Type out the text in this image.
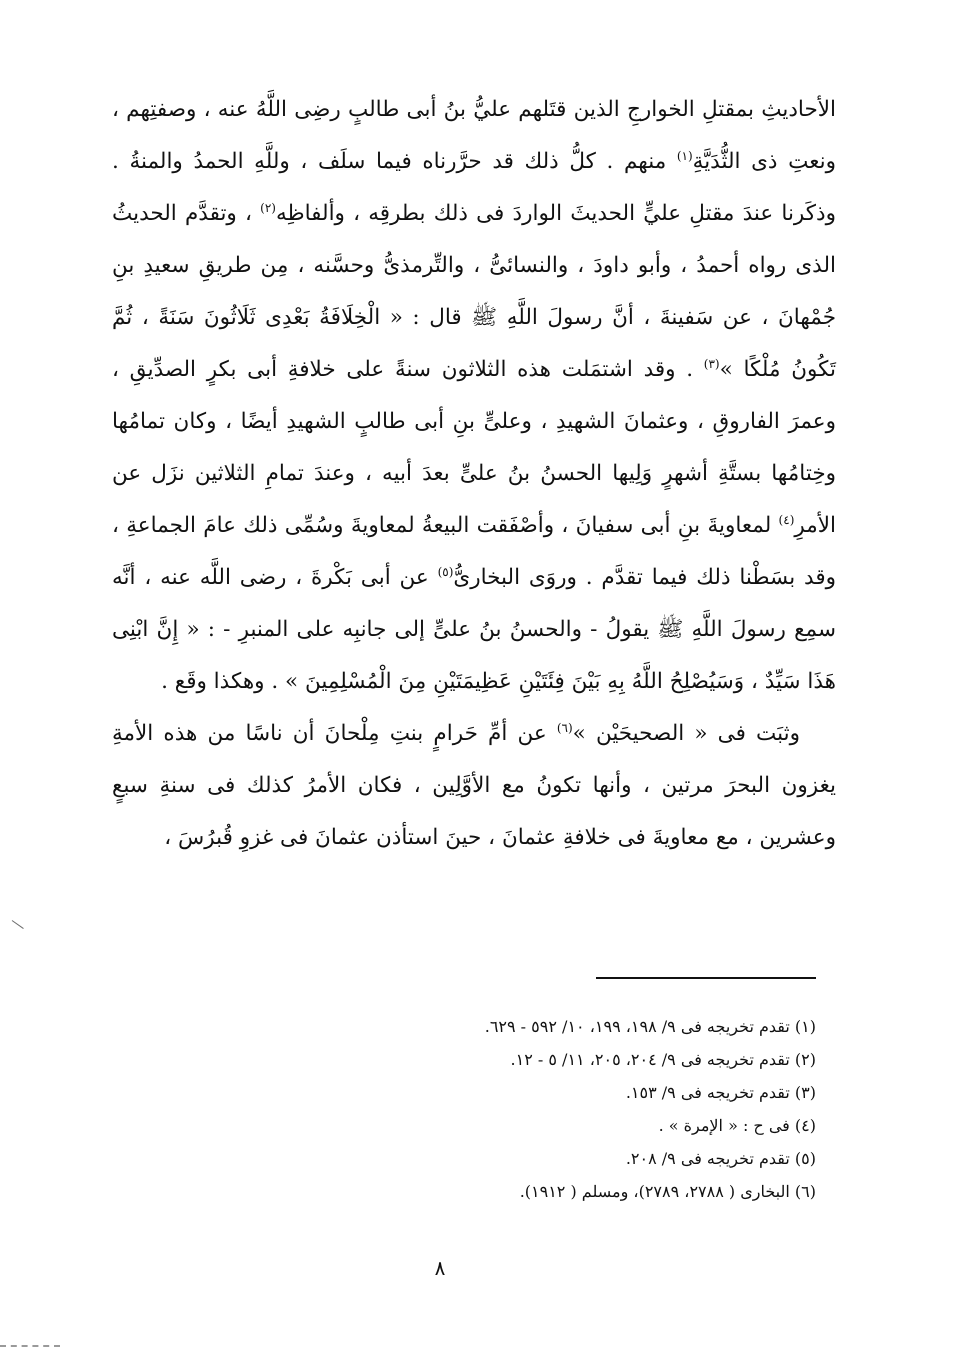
الأحاديثِ بمقتلِ الخوارجِ الذين قتَلهم عليُّ بنُ أبى طالبٍ رضِى اللَّهُ عنه ، وصفتِهم ، ونعتِ ذى الثُّدَيَّةِ$^{(١)}$ منهم . كلُّ ذلك قد حرَّرناه فيما سلَف ، وللَّهِ الحمدُ والمنةُ . وذكَرنا عندَ مقتلِ عليٍّ الحديثَ الواردَ فى ذلك بطرقِه ، وألفاظِه$^{(٢)}$ ، وتقدَّم الحديثُ الذى رواه أحمدُ ، وأبو داودَ ، والنسائىُّ ، والتِّرمذىُّ وحسَّنه ، مِن طريقِ سعيدِ بنِ جُمْهانَ ، عن سَفينةَ ، أنَّ رسولَ اللَّهِ ﷺ قال : « الْخِلَافَةُ بَعْدِى ثَلَاثُونَ سَنَةً ، ثُمَّ تَكُونُ مُلْكًا »$^{(٣)}$ . وقد اشتمَلت هذه الثلاثون سنةً على خلافةِ أبى بكرٍ الصدِّيقِ ، وعمرَ الفاروقِ ، وعثمانَ الشهيدِ ، وعلىٍّ بنِ أبى طالبٍ الشهيدِ أيضًا ، وكان تمامُها وخِتامُها بستَّةِ أشهرٍ وَلِيها الحسنُ بنُ علىٍّ بعدَ أبيه ، وعندَ تمامِ الثلاثين نزَل عن الأمرِ$^{(٤)}$ لمعاويةَ بنِ أبى سفيانَ ، وأصْفَقت البيعةُ لمعاويةَ وسُمِّى ذلك عامَ الجماعةِ ، وقد بسَطْنا ذلك فيما تقدَّم . وروَى البخارىُّ$^{(٥)}$ عن أبى بَكْرةَ ، رضى اللَّه عنه ، أنَّه سمِع رسولَ اللَّهِ ﷺ يقولُ - والحسنُ بنُ علىٍّ إلى جانبِه على المنبرِ - : « إِنَّ ابْنِى هَذَا سَيِّدٌ ، وَسَيُصْلِحُ اللَّهُ بِهِ بَيْنَ فِئَتَيْنِ عَظِيمَتَيْنِ مِنَ الْمُسْلِمِينَ » . وهكذا وقَع .

وثبَت فى « الصحيحَيْن »$^{(٦)}$ عن أمِّ حَرامٍ بنتِ مِلْحانَ أن ناسًا من هذه الأمةِ يغزون البحرَ مرتين ، وأنها تكونُ مع الأوَّلِين ، فكان الأمرُ كذلك فى سنةِ سبعٍ وعشرين ، مع معاويةَ فى خلافةِ عثمانَ ، حينَ استأذن عثمانَ فى غزوِ قُبرُسَ ،

(١) تقدم تخريجه فى ٩/ ١٩٨، ١٩٩، ١٠/ ٥٩٢ - ٦٢٩.

(٢) تقدم تخريجه فى ٩/ ٢٠٤، ٢٠٥، ١١/ ٥ - ١٢.

(٣) تقدم تخريجه فى ٩/ ١٥٣.

(٤) فى ح : « الإمرة » .

(٥) تقدم تخريجه فى ٩/ ٢٠٨.

(٦) البخارى ( ٢٧٨٨، ٢٧٨٩)، ومسلم ( ١٩١٢).

٨
